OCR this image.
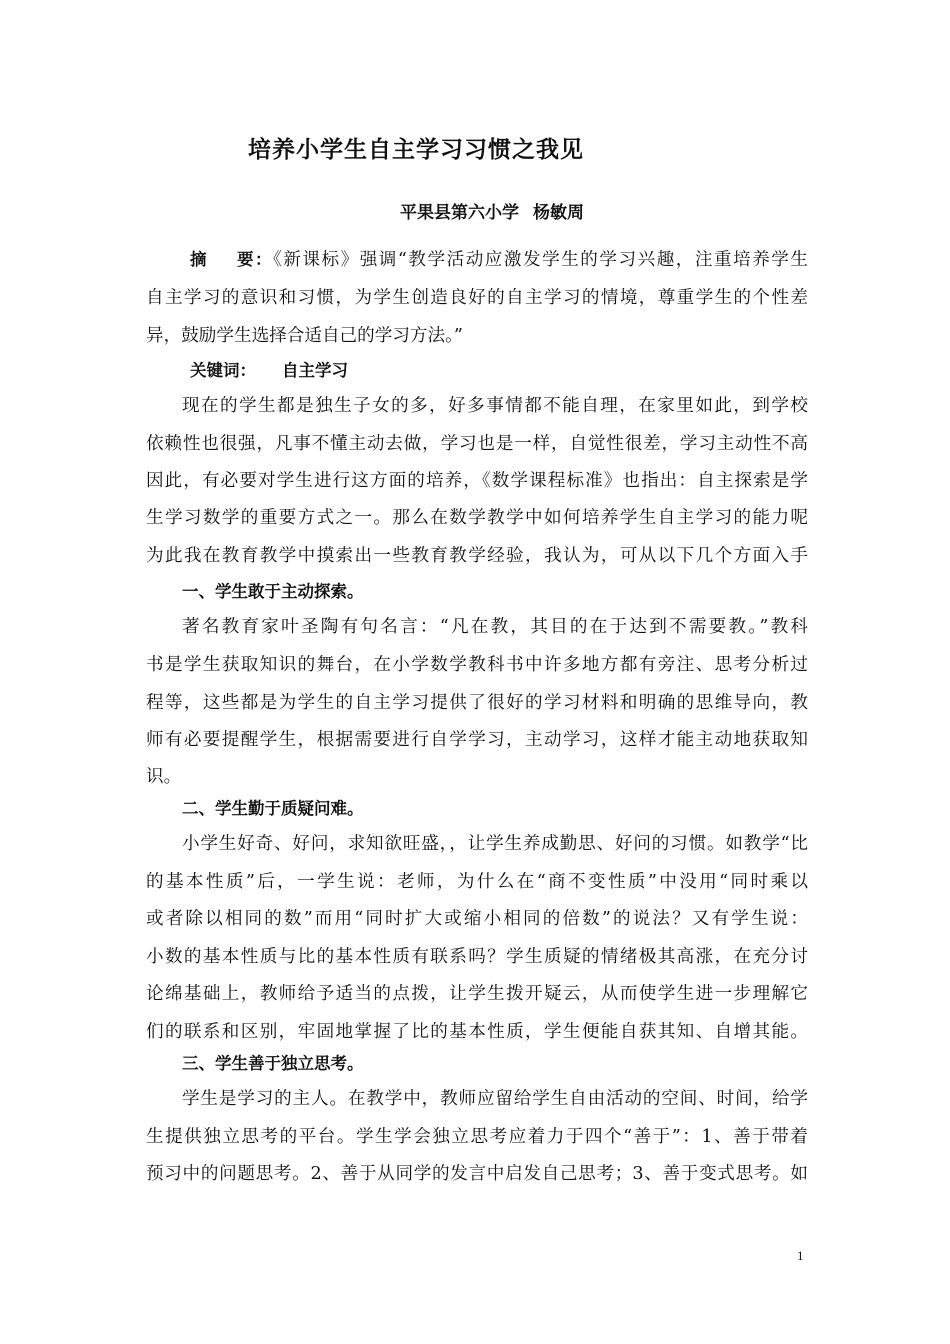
培养小学生自主学习习惯之我见
平果县第六小学 杨敏周
摘    要：《新课标》强调“教学活动应激发学生的学习兴趣，注重培养学生
自主学习的意识和习惯，为学生创造良好的自主学习的情境，尊重学生的个性差
异，鼓励学生选择合适自己的学习方法。”
关键词： 自主学习
现在的学生都是独生子女的多，好多事情都不能自理，在家里如此，到学校
依赖性也很强，凡事不懂主动去做，学习也是一样，自觉性很差，学习主动性不高
因此，有必要对学生进行这方面的培养，《数学课程标准》也指出：自主探索是学
生学习数学的重要方式之一。那么在数学教学中如何培养学生自主学习的能力呢
为此我在教育教学中摸索出一些教育教学经验，我认为，可从以下几个方面入手
一、学生敢于主动探索。
著名教育家叶圣陶有句名言：“凡在教，其目的在于达到不需要教。”教科
书是学生获取知识的舞台，在小学数学教科书中许多地方都有旁注、思考分析过
程等，这些都是为学生的自主学习提供了很好的学习材料和明确的思维导向，教
师有必要提醒学生，根据需要进行自学学习，主动学习，这样才能主动地获取知
识。
二、学生勤于质疑问难。
小学生好奇、好问，求知欲旺盛，，让学生养成勤思、好问的习惯。如教学“比
的基本性质”后，一学生说：老师，为什么在“商不变性质”中没用“同时乘以
或者除以相同的数”而用“同时扩大或缩小相同的倍数”的说法？又有学生说：
小数的基本性质与比的基本性质有联系吗？学生质疑的情绪极其高涨，在充分讨
论绵基础上，教师给予适当的点拨，让学生拨开疑云，从而使学生进一步理解它
们的联系和区别，牢固地掌握了比的基本性质，学生便能自获其知、自增其能。
三、学生善于独立思考。
学生是学习的主人。在教学中，教师应留给学生自由活动的空间、时间，给学
生提供独立思考的平台。学生学会独立思考应着力于四个“善于”：1、善于带着
预习中的问题思考。2、善于从同学的发言中启发自己思考；3、善于变式思考。如
1
